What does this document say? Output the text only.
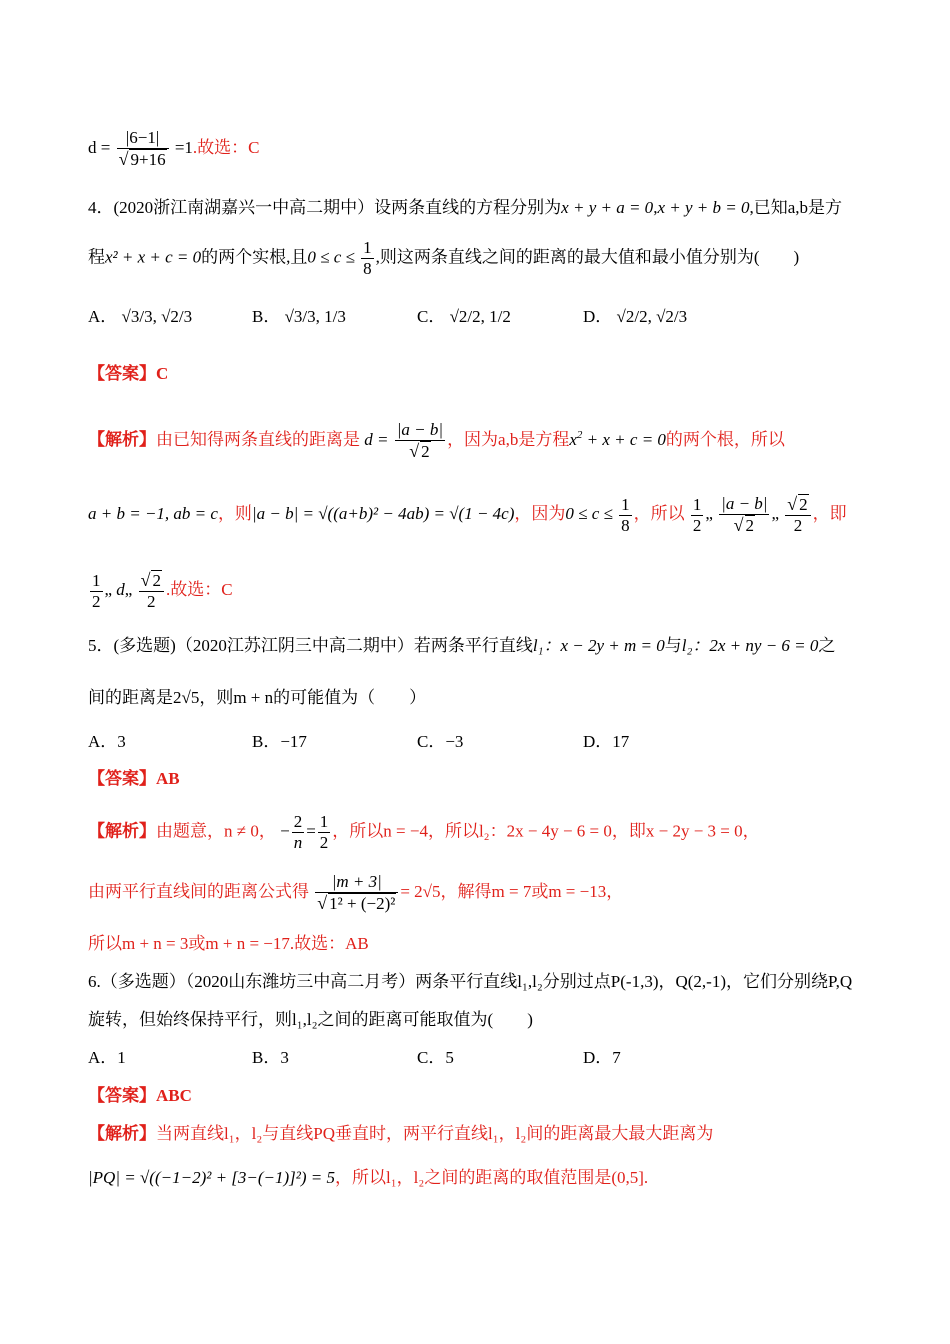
$d = \frac{|6-1|}{√ 9+16} =1$.故选：C
4．(2020浙江南湖嘉兴一中高二期中）设两条直线的方程分别为x + y + a = 0,x + y + b = 0,已知a,b是方
程x² + x + c = 0的两个实根,且$0 \le c \le \frac{1}{8}$ ,则这两条直线之间的距离的最大值和最小值分别为(　　)
A． √3/3, √2/3	B． √3/3, 1/3	C． √2/2, 1/2	D． √2/2, √2/3
【答案】C
【解析】由已知得两条直线的距离是 $d = \frac{|a - b|}{√ 2}$ ，因为a,b是方程$x^2 + x + c = 0$的两个根，所以
a + b = −1, ab = c，则|a − b| = √((a+b)² − 4ab) = √(1 − 4c)，因为$0 \le c \le \frac{1}{8}$ ，所以 $\frac{1}{2}$ „ $\frac{|a - b|}{√ 2}$ „ $\frac{√ 2}{2}$ ，即
$\frac{1}{2}$ „ d„ $\frac{√ 2}{2}$ .故选：C
5．(多选题)（2020江苏江阴三中高二期中）若两条平行直线l₁：x − 2y + m = 0与l₂：2x + ny − 6 = 0之
间的距离是2√5，则m + n的可能值为（　　）
A．3	B．−17	C．−3	D．17
【答案】AB
【解析】由题意，n ≠ 0， − $\frac{2}{n} = \frac{1}{2}$ ，所以n = −4，所以l₂：2x − 4y − 6 = 0，即x − 2y − 3 = 0，
由两平行直线间的距离公式得 $\frac{|m + 3|}{\text{√ 1² + (−2)²}} = 2√5$，解得m = 7或m = −13，
所以m + n = 3或m + n = −17.故选：AB
6.（多选题）（2020山东潍坊三中高二月考）两条平行直线l₁,l₂分别过点P(-1,3)，Q(2,-1)，它们分别绕P,Q
旋转，但始终保持平行，则l₁,l₂之间的距离可能取值为(　　)
A．1	B．3	C．5	D．7
【答案】ABC
【解析】当两直线l₁，l₂与直线PQ垂直时，两平行直线l₁，l₂间的距离最大最大距离为
|PQ| = √((−1−2)² + [3−(−1)]²) = 5，所以l₁，l₂之间的距离的取值范围是(0,5].
